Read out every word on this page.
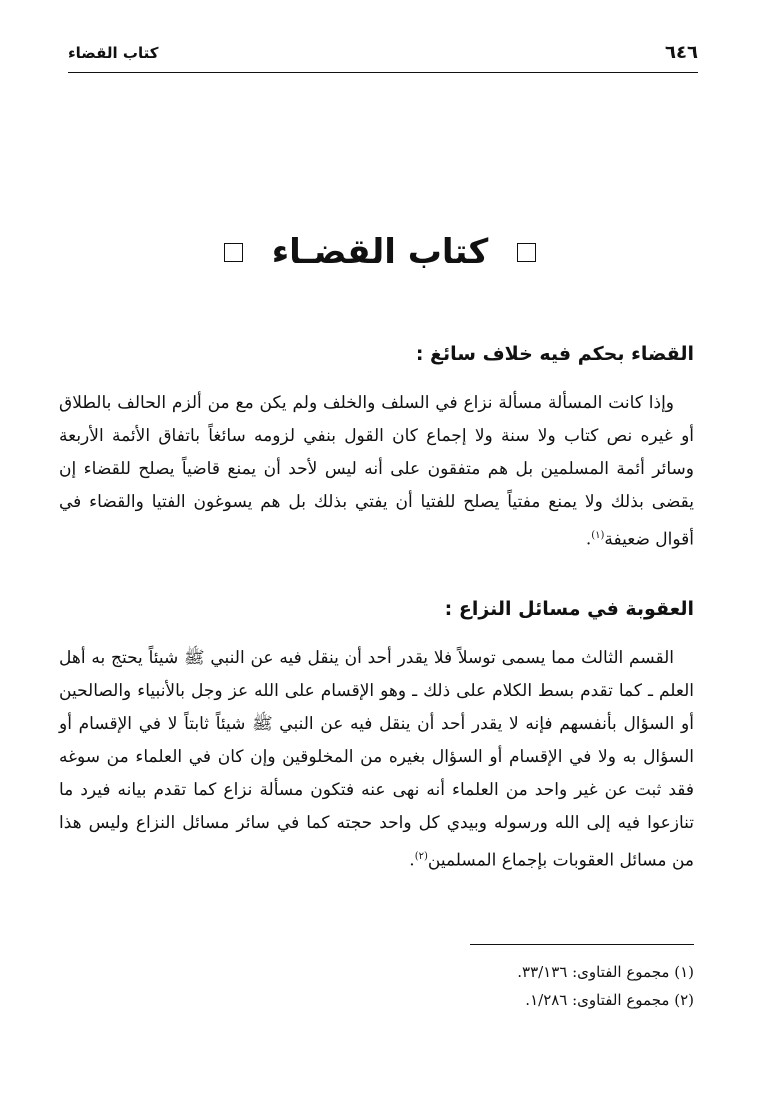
كتاب القضاء	٦٤٦
كتاب القضـاء

القضاء بحكم فيه خلاف سائغ :

وإذا كانت المسألة مسألة نزاع في السلف والخلف ولم يكن مع من ألزم الحالف بالطلاق أو غيره نص كتاب ولا سنة ولا إجماع كان القول بنفي لزومه سائغاً باتفاق الأئمة الأربعة وسائر أئمة المسلمين بل هم متفقون على أنه ليس لأحد أن يمنع قاضياً يصلح للقضاء إن يقضى بذلك ولا يمنع مفتياً يصلح للفتيا أن يفتي بذلك بل هم يسوغون الفتيا والقضاء في أقوال ضعيفة$^{(١)}$.

العقوبة في مسائل النزاع :

القسم الثالث مما يسمى توسلاً فلا يقدر أحد أن ينقل فيه عن النبي ﷺ شيئاً يحتج به أهل العلم ـ كما تقدم بسط الكلام على ذلك ـ وهو الإقسام على الله عز وجل بالأنبياء والصالحين أو السؤال بأنفسهم فإنه لا يقدر أحد أن ينقل فيه عن النبي ﷺ شيئاً ثابتاً لا في الإقسام أو السؤال به ولا في الإقسام أو السؤال بغيره من المخلوقين وإن كان في العلماء من سوغه فقد ثبت عن غير واحد من العلماء أنه نهى عنه فتكون مسألة نزاع كما تقدم بيانه فيرد ما تنازعوا فيه إلى الله ورسوله وبيدي كل واحد حجته كما في سائر مسائل النزاع وليس هذا من مسائل العقوبات بإجماع المسلمين$^{(٢)}$.

(١) مجموع الفتاوى: ٣٣/١٣٦.
(٢) مجموع الفتاوى: ١/٢٨٦.
